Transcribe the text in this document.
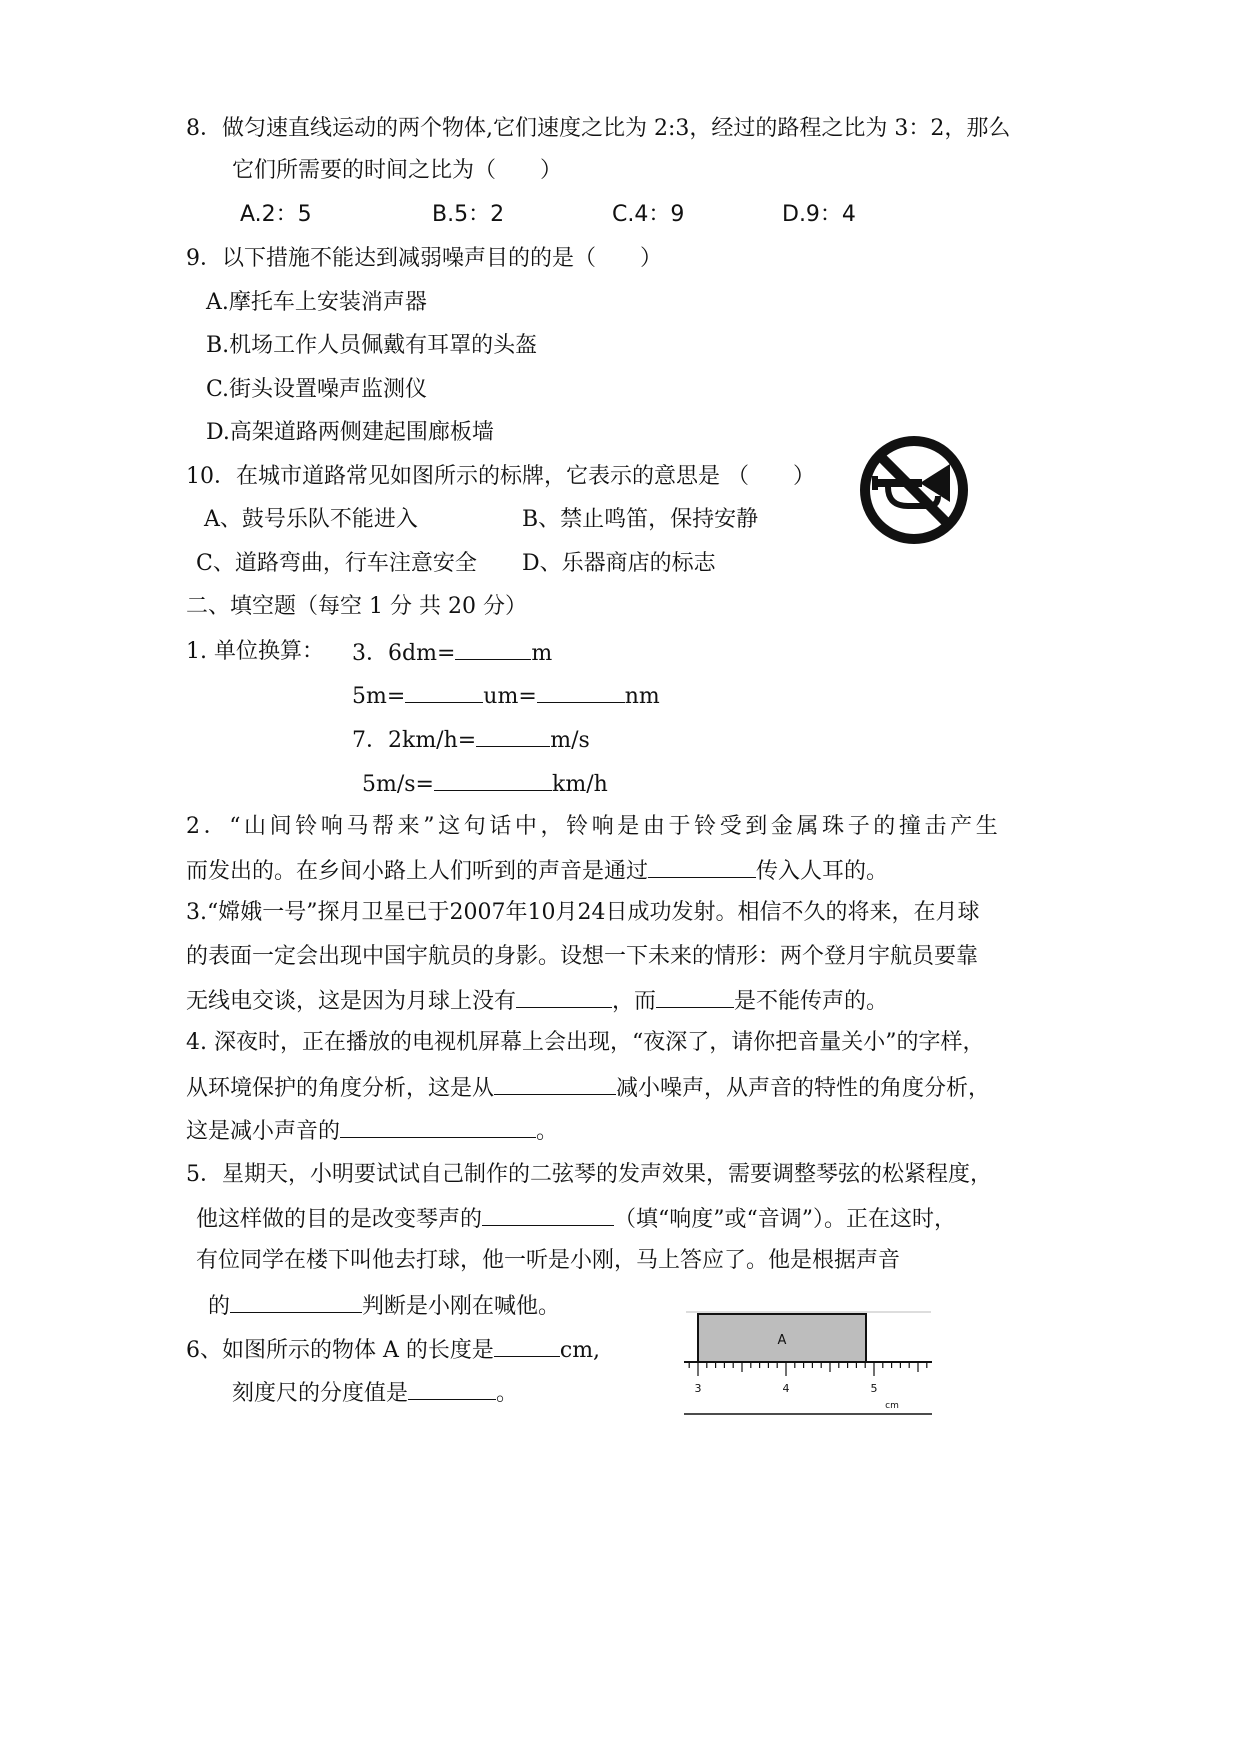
8．做匀速直线运动的两个物体,它们速度之比为 2:3，经过的路程之比为 3：2，那么
它们所需要的时间之比为（　　）
A.2：5	B.5：2	C.4：9	D.9：4
9．以下措施不能达到减弱噪声目的的是（　　）
A.摩托车上安装消声器
B.机场工作人员佩戴有耳罩的头盔
C.街头设置噪声监测仪
D.高架道路两侧建起围廊板墙
10．在城市道路常见如图所示的标牌，它表示的意思是 （　　）
A、鼓号乐队不能进入	B、禁止鸣笛，保持安静
C、道路弯曲，行车注意安全 D、乐器商店的标志
二、填空题（每空 1 分 共 20 分）
1. 单位换算： 3．6dm=	m
5m=	um=	nm
7．2km/h=	m/s
5m/s=	km/h
2．“山间铃响马帮来”这句话中，铃响是由于铃受到金属珠子的撞击产生
而发出的。在乡间小路上人们听到的声音是通过	传入人耳的。
3.“嫦娥一号”探月卫星已于2007年10月24日成功发射。相信不久的将来，在月球
的表面一定会出现中国宇航员的身影。设想一下未来的情形：两个登月宇航员要靠
无线电交谈，这是因为月球上没有	，而	是不能传声的。
4. 深夜时，正在播放的电视机屏幕上会出现，“夜深了，请你把音量关小”的字样，
从环境保护的角度分析，这是从	减小噪声，从声音的特性的角度分析，
这是减小声音的	。
5．星期天，小明要试试自己制作的二弦琴的发声效果，需要调整琴弦的松紧程度，
他这样做的目的是改变琴声的	（填“响度”或“音调”）。正在这时，
有位同学在楼下叫他去打球，他一听是小刚，马上答应了。他是根据声音
的	判断是小刚在喊他。
6、如图所示的物体 A 的长度是	cm,
刻度尺的分度值是	。
A
3	4	5
cm
